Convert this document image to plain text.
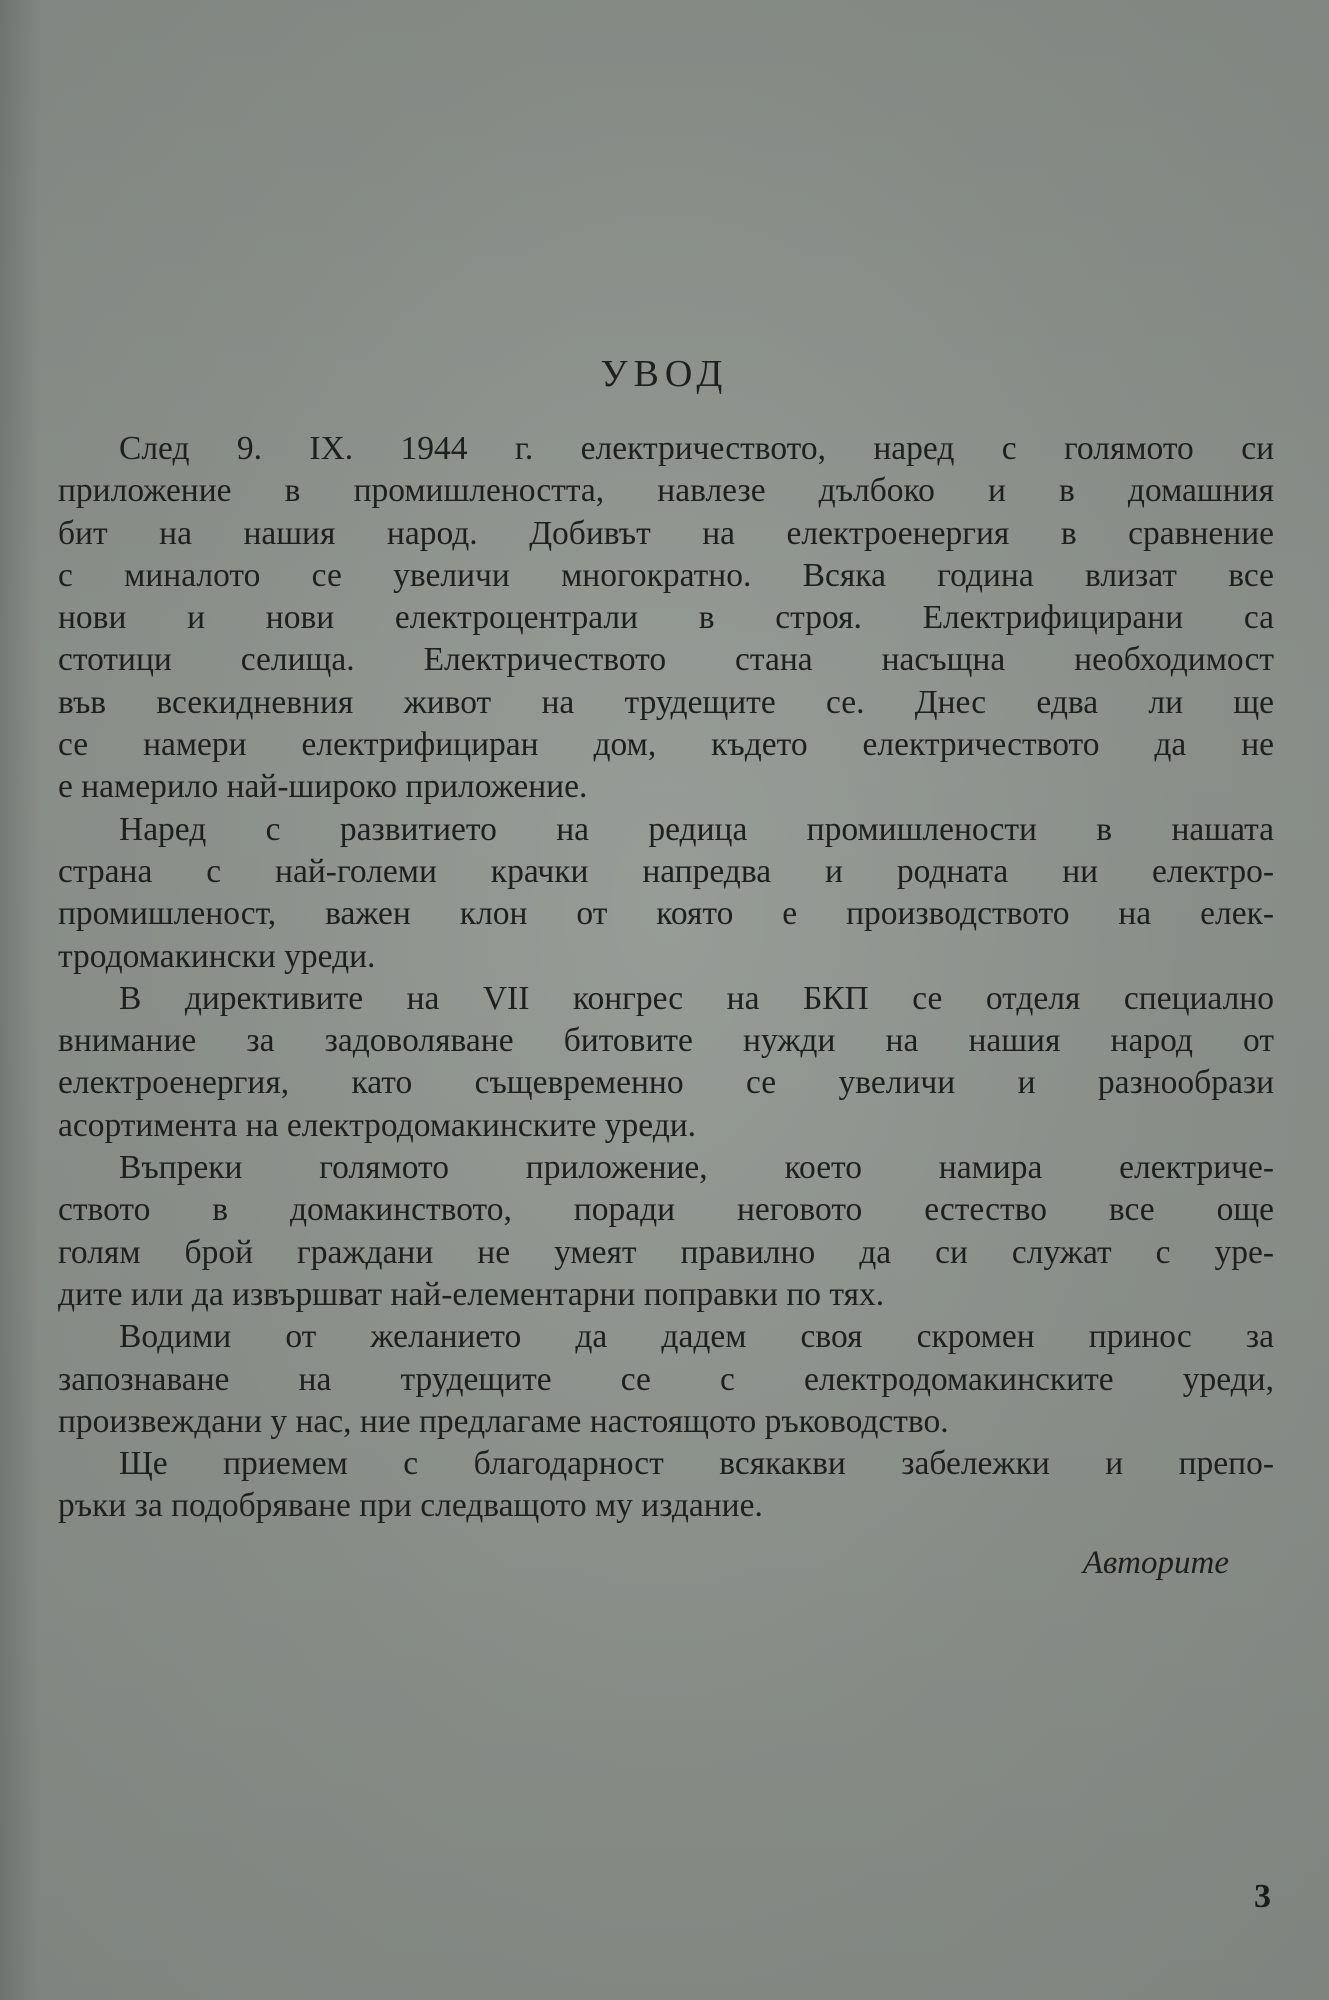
УВОД
След 9. IX. 1944 г. електричеството, наред с голямото си
приложение в промишлеността, навлезе дълбоко и в домашния
бит на нашия народ. Добивът на електроенергия в сравнение
с миналото се увеличи многократно. Всяка година влизат все
нови и нови електроцентрали в строя. Електрифицирани са
стотици селища. Електричеството стана насъщна необходимост
във всекидневния живот на трудещите се. Днес едва ли ще
се намери електрифициран дом, където електричеството да не
е намерило най-широко приложение.
Наред с развитието на редица промишлености в нашата
страна с най-големи крачки напредва и родната ни електро-
промишленост, важен клон от която е производството на елек-
тродомакински уреди.
В директивите на VII конгрес на БКП се отделя специално
внимание за задоволяване битовите нужди на нашия народ от
електроенергия, като същевременно се увеличи и разнообрази
асортимента на електродомакинските уреди.
Въпреки голямото приложение, което намира електриче-
ството в домакинството, поради неговото естество все още
голям брой граждани не умеят правилно да си служат с уре-
дите или да извършват най-елементарни поправки по тях.
Водими от желанието да дадем своя скромен принос за
запознаване на трудещите се с електродомакинските уреди,
произвеждани у нас, ние предлагаме настоящото ръководство.
Ще приемем с благодарност всякакви забележки и препо-
ръки за подобряване при следващото му издание.
Авторите
3
